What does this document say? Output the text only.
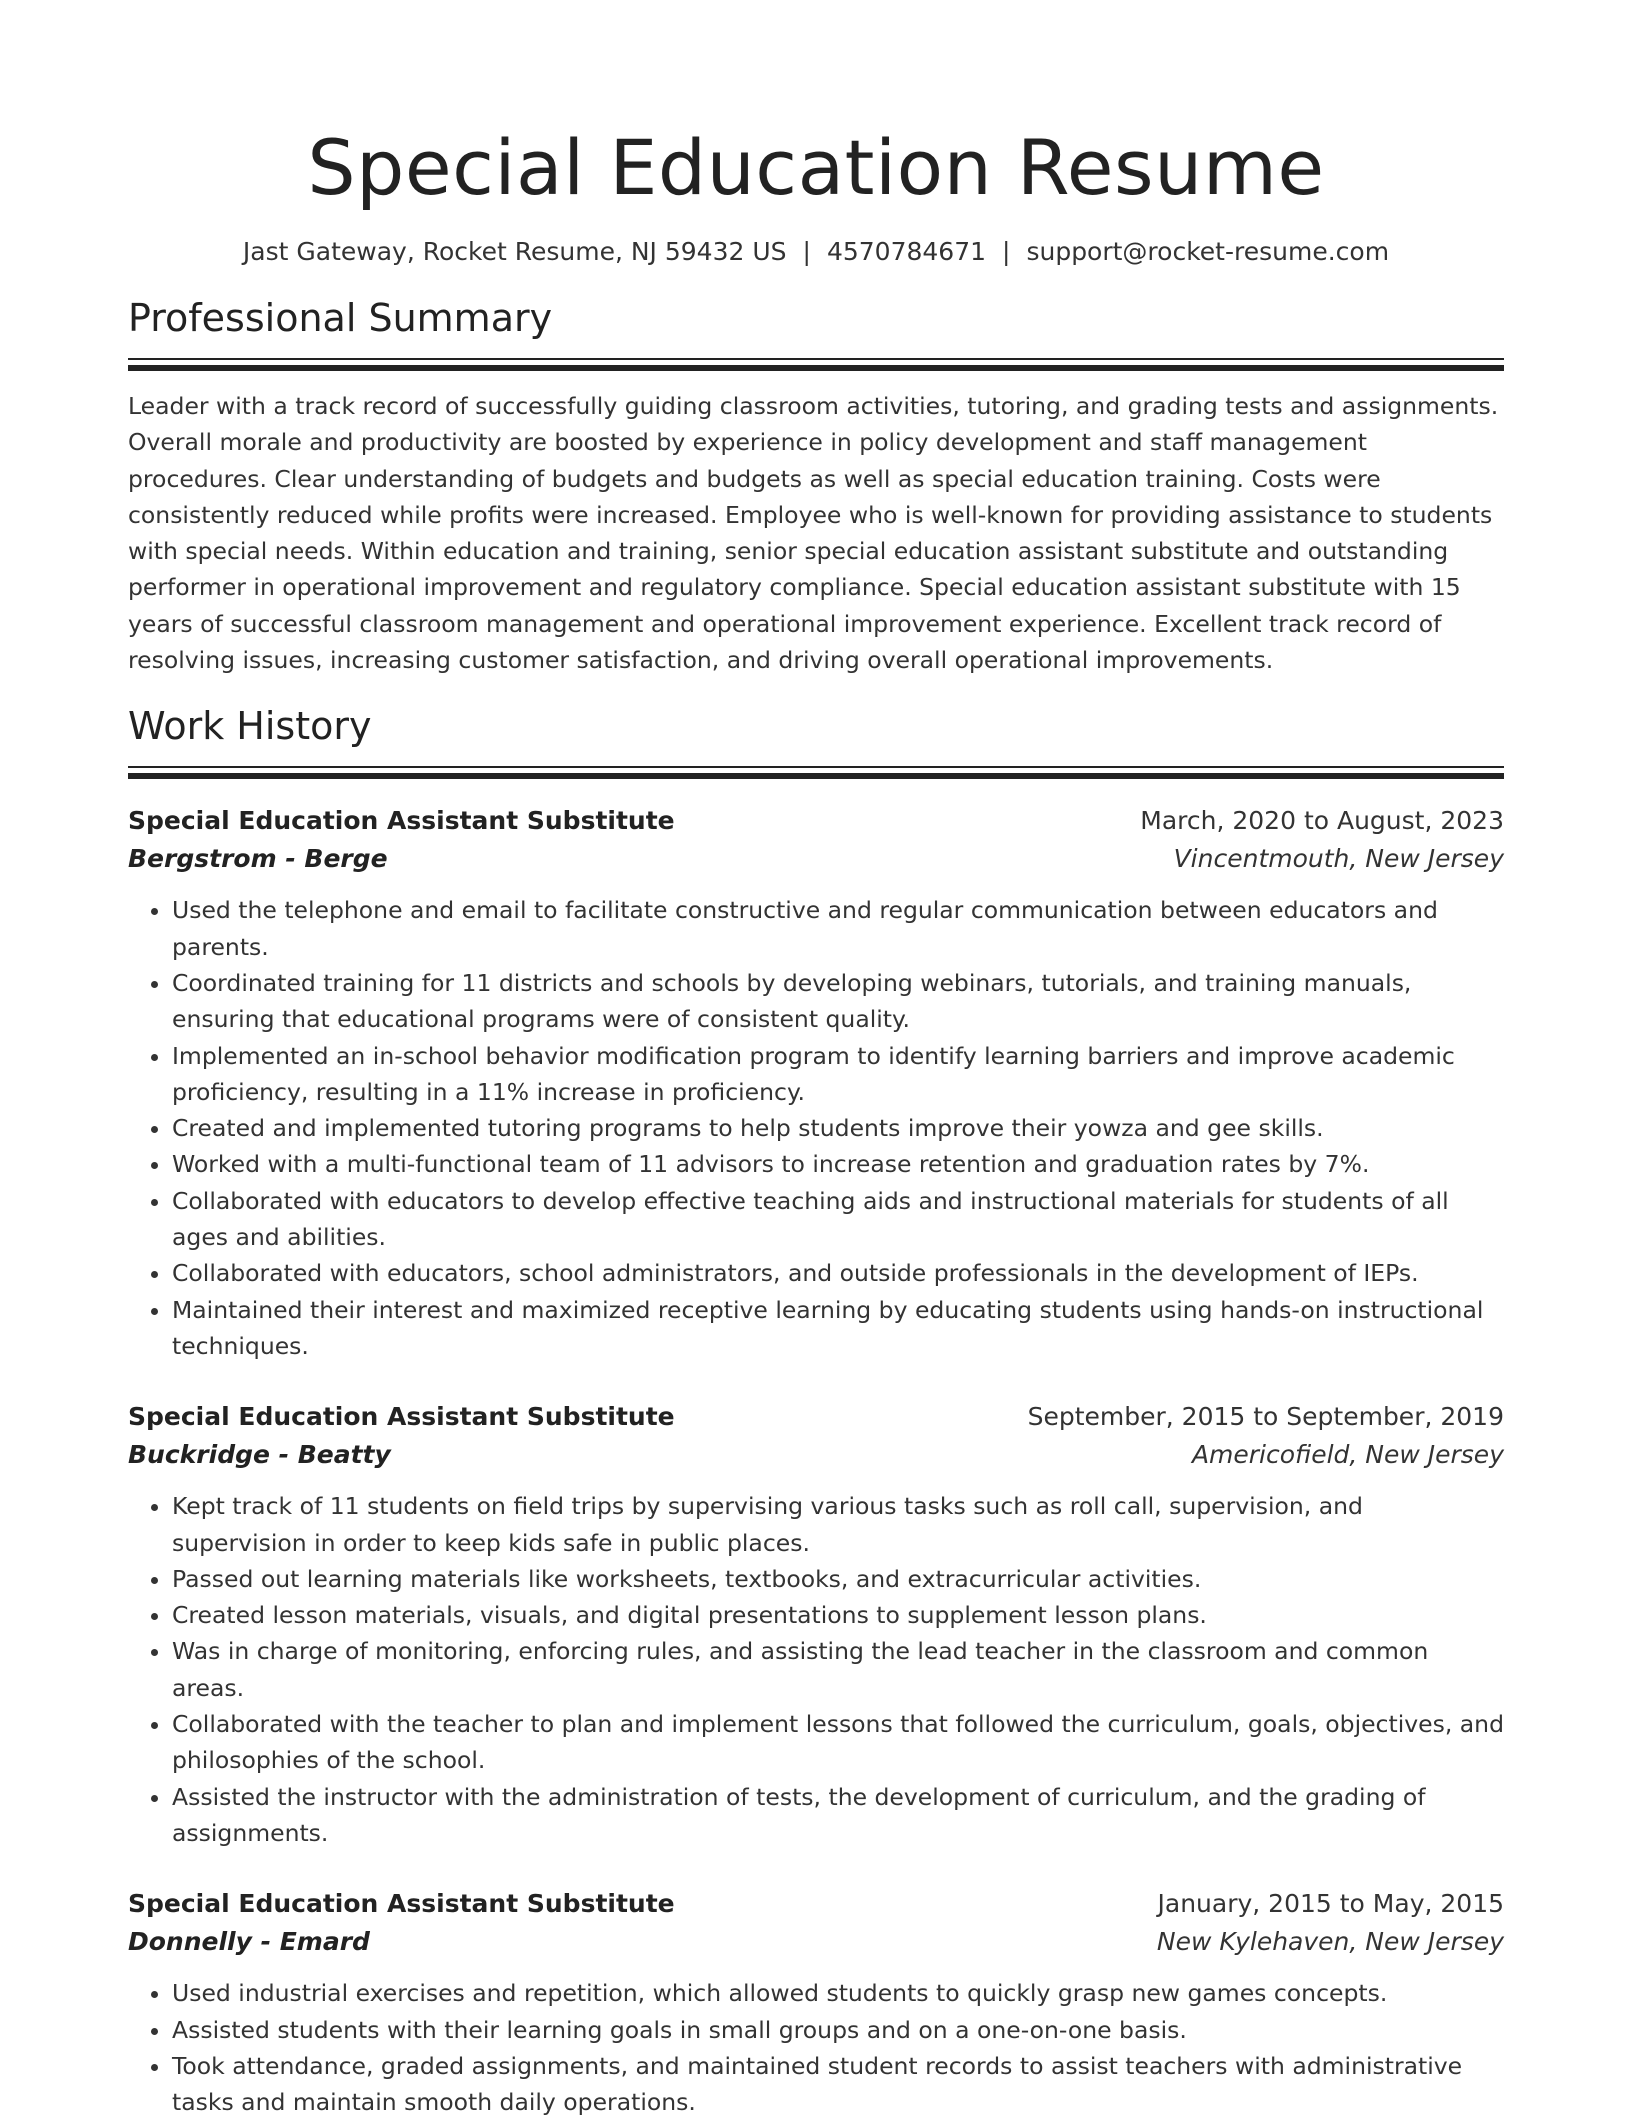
Special Education Resume
Jast Gateway, Rocket Resume, NJ 59432 US | 4570784671 | support@rocket-resume.com
Professional Summary

Leader with a track record of successfully guiding classroom activities, tutoring, and grading tests and assignments. Overall morale and productivity are boosted by experience in policy development and staff management procedures. Clear understanding of budgets and budgets as well as special education training. Costs were consistently reduced while profits were increased. Employee who is well-known for providing assistance to students with special needs. Within education and training, senior special education assistant substitute and outstanding performer in operational improvement and regulatory compliance. Special education assistant substitute with 15 years of successful classroom management and operational improvement experience. Excellent track record of resolving issues, increasing customer satisfaction, and driving overall operational improvements.

Work History
Special Education Assistant Substitute	March, 2020 to August, 2023
Bergstrom - Berge	Vincentmouth, New Jersey
• Used the telephone and email to facilitate constructive and regular communication between educators and parents.
• Coordinated training for 11 districts and schools by developing webinars, tutorials, and training manuals, ensuring that educational programs were of consistent quality.
• Implemented an in-school behavior modification program to identify learning barriers and improve academic proficiency, resulting in a 11% increase in proficiency.
• Created and implemented tutoring programs to help students improve their yowza and gee skills.
• Worked with a multi-functional team of 11 advisors to increase retention and graduation rates by 7%.
• Collaborated with educators to develop effective teaching aids and instructional materials for students of all ages and abilities.
• Collaborated with educators, school administrators, and outside professionals in the development of IEPs.
• Maintained their interest and maximized receptive learning by educating students using hands-on instructional techniques.
Special Education Assistant Substitute	September, 2015 to September, 2019
Buckridge - Beatty	Americofield, New Jersey
• Kept track of 11 students on field trips by supervising various tasks such as roll call, supervision, and supervision in order to keep kids safe in public places.
• Passed out learning materials like worksheets, textbooks, and extracurricular activities.
• Created lesson materials, visuals, and digital presentations to supplement lesson plans.
• Was in charge of monitoring, enforcing rules, and assisting the lead teacher in the classroom and common areas.
• Collaborated with the teacher to plan and implement lessons that followed the curriculum, goals, objectives, and philosophies of the school.
• Assisted the instructor with the administration of tests, the development of curriculum, and the grading of assignments.
Special Education Assistant Substitute	January, 2015 to May, 2015
Donnelly - Emard	New Kylehaven, New Jersey
• Used industrial exercises and repetition, which allowed students to quickly grasp new games concepts.
• Assisted students with their learning goals in small groups and on a one-on-one basis.
• Took attendance, graded assignments, and maintained student records to assist teachers with administrative tasks and maintain smooth daily operations.
